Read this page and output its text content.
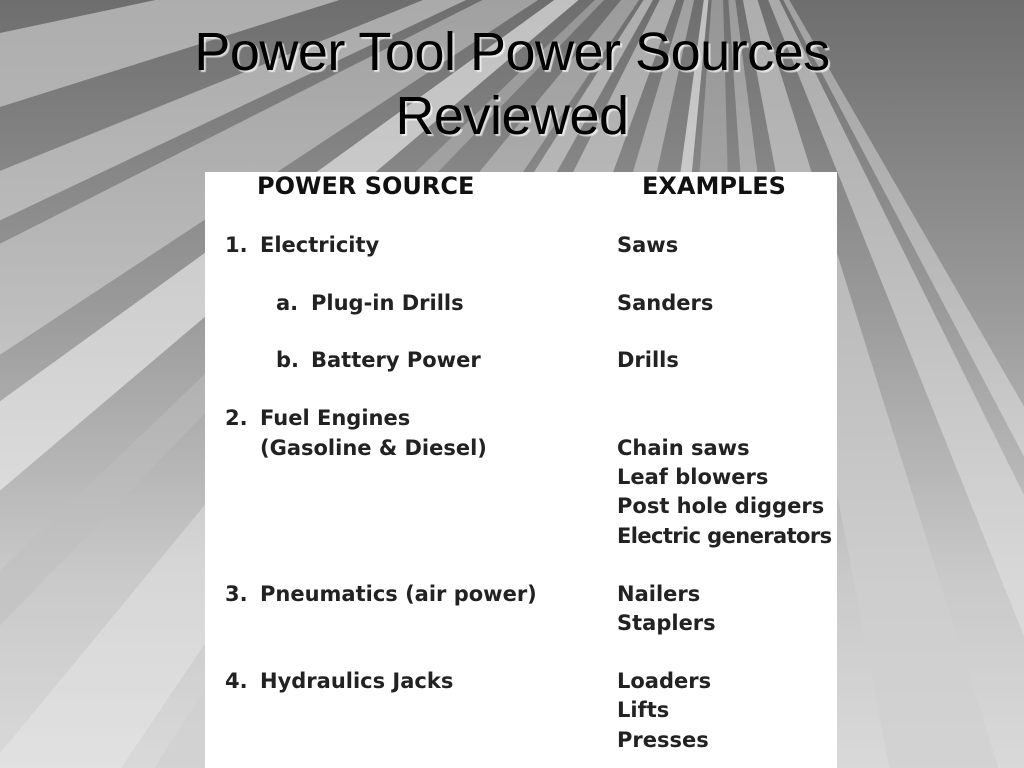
Power Tool Power Sources
Reviewed
POWER SOURCE	EXAMPLES
1. Electricity
a. Plug-in Drills
b. Battery Power
2. Fuel Engines
(Gasoline & Diesel)
3. Pneumatics (air power)
4. Hydraulics Jacks
Saws
Sanders
Drills
Chain saws
Leaf blowers
Post hole diggers
Electric generators
Nailers
Staplers
Loaders
Lifts
Presses
